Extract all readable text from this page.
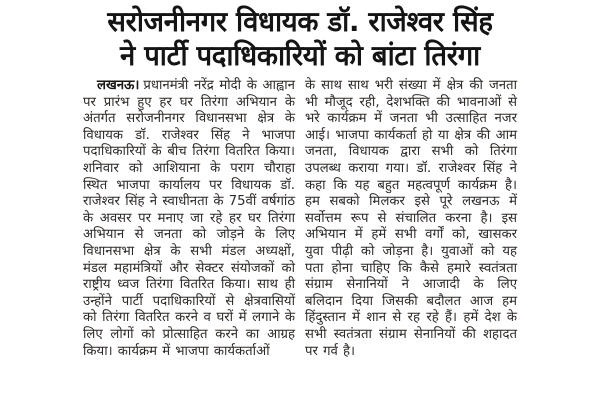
सरोजनीनगर विधायक डॉ. राजेश्वर सिंह
ने पार्टी पदाधिकारियों को बांटा तिरंगा

लखनऊ। प्रधानमंत्री नरेंद्र मोदी के आह्वान पर प्रारंभ हुए हर घर तिरंगा अभियान के अंतर्गत सरोजनीनगर विधानसभा क्षेत्र के विधायक डॉ. राजेश्वर सिंह ने भाजपा पदाधिकारियों के बीच तिरंगा वितरित किया। शनिवार को आशियाना के पराग चौराहा स्थित भाजपा कार्यालय पर विधायक डॉ. राजेश्वर सिंह ने स्वाधीनता के 75वीं वर्षगांठ के अवसर पर मनाए जा रहे हर घर तिरंगा अभियान से जनता को जोड़ने के लिए विधानसभा क्षेत्र के सभी मंडल अध्यक्षों, मंडल महामंत्रियों और सेक्टर संयोजकों को राष्ट्रीय ध्वज तिरंगा वितरित किया। साथ ही उन्होंने पार्टी पदाधिकारियों से क्षेत्रवासियों को तिरंगा वितरित करने व घरों में लगाने के लिए लोगों को प्रोत्साहित करने का आग्रह किया। कार्यक्रम में भाजपा कार्यकर्ताओं

के साथ साथ भरी संख्या में क्षेत्र की जनता भी मौजूद रही, देशभक्ति की भावनाओं से भरे कार्यक्रम में जनता भी उत्साहित नजर आई। भाजपा कार्यकर्ता हो या क्षेत्र की आम जनता, विधायक द्वारा सभी को तिरंगा उपलब्ध कराया गया। डॉ. राजेश्वर सिंह ने कहा कि यह बहुत महत्वपूर्ण कार्यक्रम है। हम सबको मिलकर इसे पूरे लखनऊ में सर्वोत्तम रूप से संचालित करना है। इस अभियान में हमें सभी वर्गों को, खासकर युवा पीढ़ी को जोड़ना है। युवाओं को यह पता होना चाहिए कि कैसे हमारे स्वतंत्रता संग्राम सेनानियों ने आजादी के लिए बलिदान दिया जिसकी बदौलत आज हम हिंदुस्तान में शान से रह रहे हैं। हमें देश के सभी स्वतंत्रता संग्राम सेनानियों की शहादत पर गर्व है।
